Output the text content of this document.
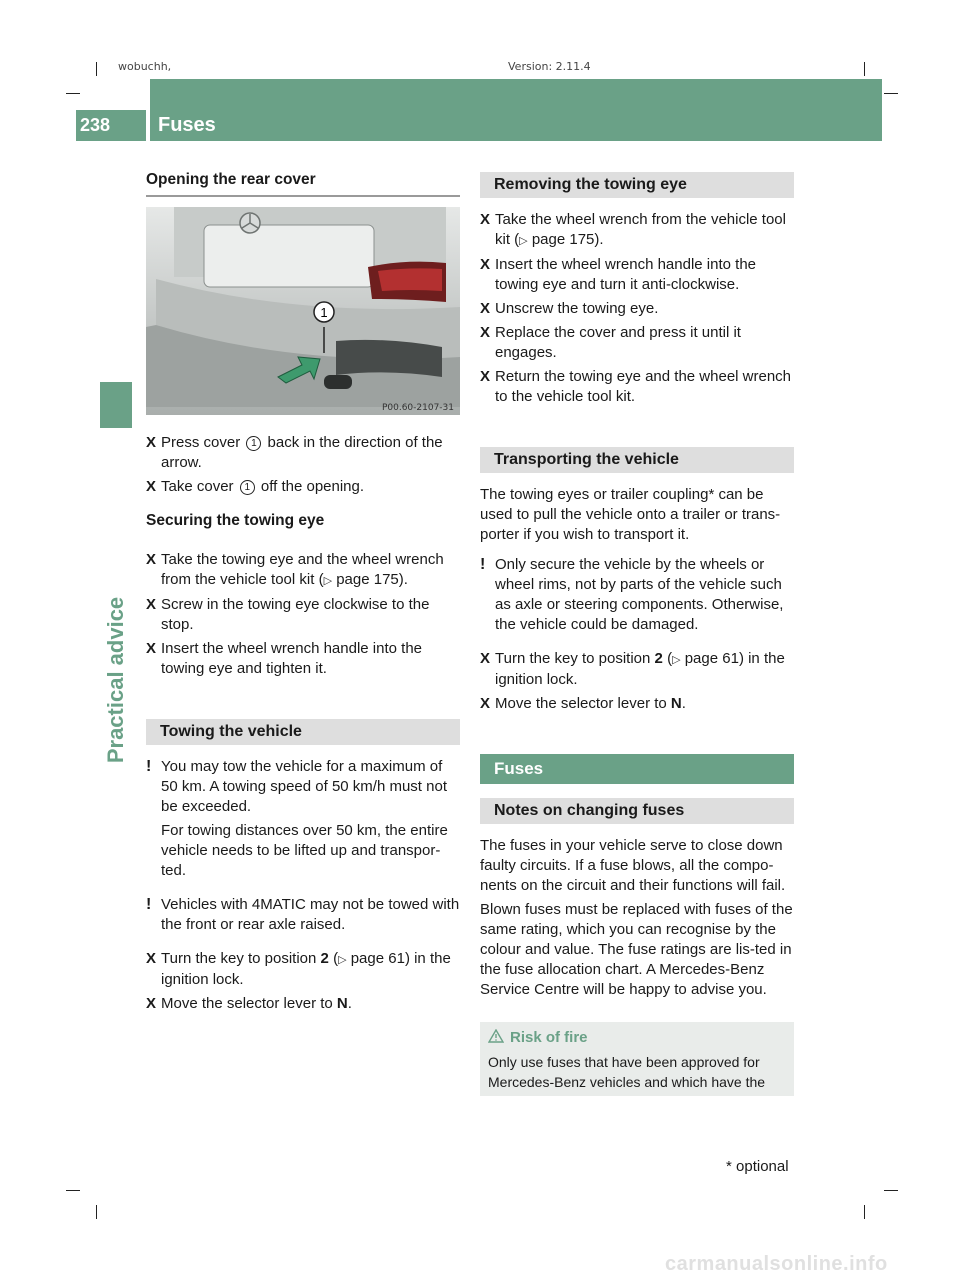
wobuchh,	Version: 2.11.4
238	Fuses
Practical advice
Opening the rear cover
1
P00.60-2107-31
X Press cover 1 back in the direction of the arrow.
X Take cover 1 off the opening.
Securing the towing eye
X Take the towing eye and the wheel wrench from the vehicle tool kit (▷ page 175).
X Screw in the towing eye clockwise to the stop.
X Insert the wheel wrench handle into the towing eye and tighten it.
Towing the vehicle
! You may tow the vehicle for a maximum of 50 km. A towing speed of 50 km/h must not be exceeded.
For towing distances over 50 km, the entire vehicle needs to be lifted up and transpor-ted.
! Vehicles with 4MATIC may not be towed with the front or rear axle raised.
X Turn the key to position 2 (▷ page 61) in the ignition lock.
X Move the selector lever to N.
Removing the towing eye
X Take the wheel wrench from the vehicle tool kit (▷ page 175).
X Insert the wheel wrench handle into the towing eye and turn it anti-clockwise.
X Unscrew the towing eye.
X Replace the cover and press it until it engages.
X Return the towing eye and the wheel wrench to the vehicle tool kit.
Transporting the vehicle
The towing eyes or trailer coupling* can be used to pull the vehicle onto a trailer or trans-porter if you wish to transport it.
! Only secure the vehicle by the wheels or wheel rims, not by parts of the vehicle such as axle or steering components. Otherwise, the vehicle could be damaged.
X Turn the key to position 2 (▷ page 61) in the ignition lock.
X Move the selector lever to N.
Fuses
Notes on changing fuses
The fuses in your vehicle serve to close down faulty circuits. If a fuse blows, all the compo-nents on the circuit and their functions will fail.
Blown fuses must be replaced with fuses of the same rating, which you can recognise by the colour and value. The fuse ratings are lis-ted in the fuse allocation chart. A Mercedes-Benz Service Centre will be happy to advise you.
Risk of fire
Only use fuses that have been approved for Mercedes-Benz vehicles and which have the
* optional
carmanualsonline.info
